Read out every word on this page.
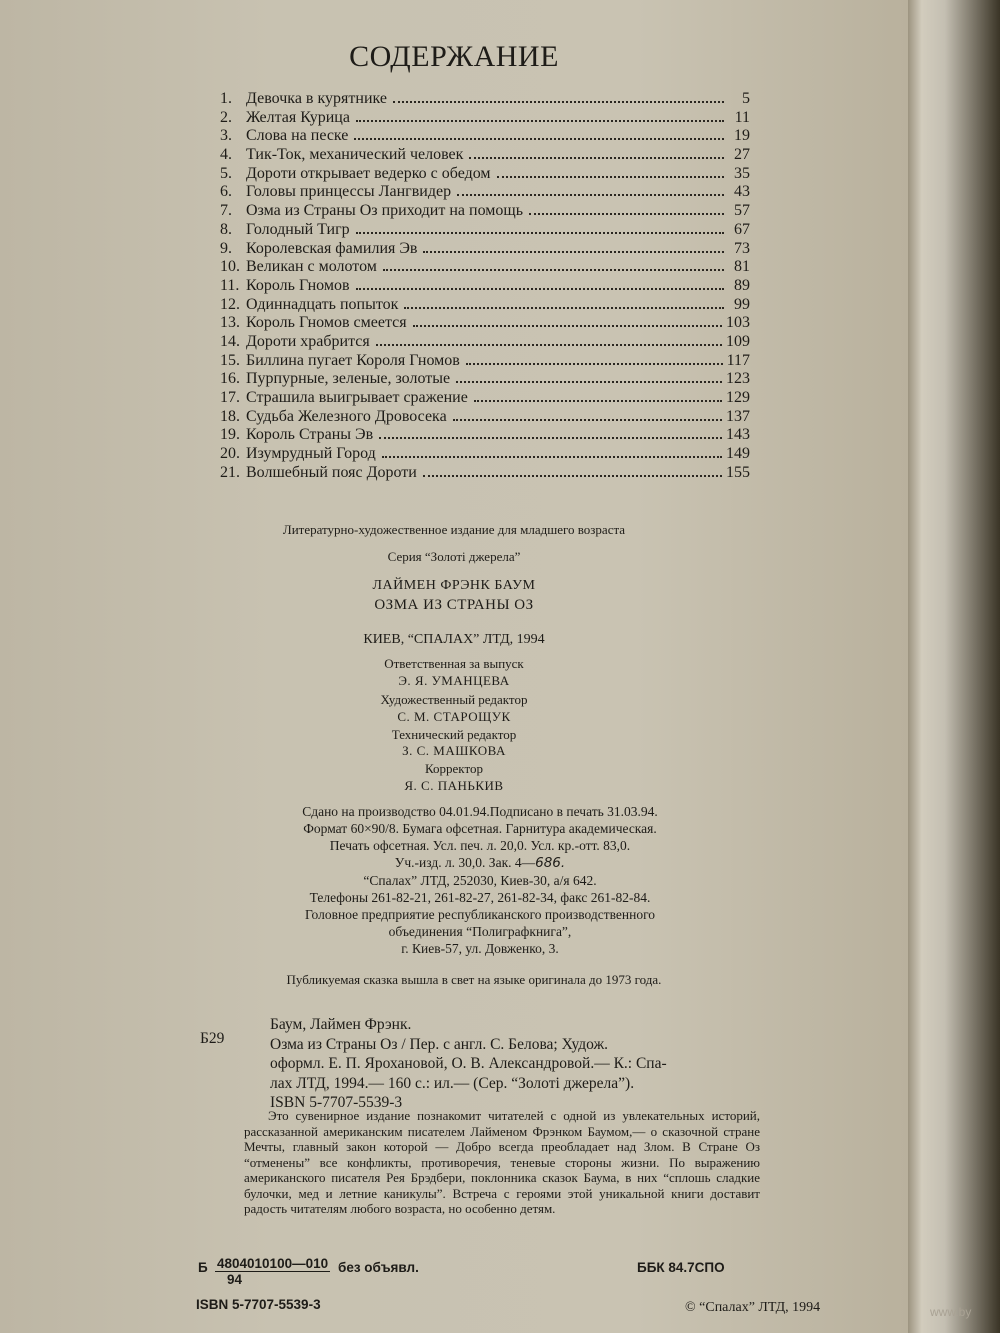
СОДЕРЖАНИЕ
1. Девочка в курятнике	5
2. Желтая Курица	11
3. Слова на песке	19
4. Тик-Ток, механический человек	27
5. Дороти открывает ведерко с обедом	35
6. Головы принцессы Лангвидер	43
7. Озма из Страны Оз приходит на помощь	57
8. Голодный Тигр	67
9. Королевская фамилия Эв	73
10. Великан с молотом	81
11. Король Гномов	89
12. Одиннадцать попыток	99
13. Король Гномов смеется	103
14. Дороти храбрится	109
15. Биллина пугает Короля Гномов	117
16. Пурпурные, зеленые, золотые	123
17. Страшила выигрывает сражение	129
18. Судьба Железного Дровосека	137
19. Король Страны Эв	143
20. Изумрудный Город	149
21. Волшебный пояс Дороти	155
Литературно-художественное издание для младшего возраста
Серия “Золоті джерела”
ЛАЙМЕН ФРЭНК БАУМ
ОЗМА ИЗ СТРАНЫ ОЗ
КИЕВ, “СПАЛАХ” ЛТД, 1994
Ответственная за выпуск
Э. Я. УМАНЦЕВА
Художественный редактор
С. М. СТАРОЩУК
Технический редактор
З. С. МАШКОВА
Корректор
Я. С. ПАНЬКИВ
Сдано на производство 04.01.94.Подписано в печать 31.03.94.
Формат 60×90/8. Бумага офсетная. Гарнитура академическая.
Печать офсетная. Усл. печ. л. 20,0. Усл. кр.-отт. 83,0.
Уч.-изд. л. 30,0. Зак. 4—686.
“Спалах” ЛТД, 252030, Киев-30, а/я 642.
Телефоны 261-82-21, 261-82-27, 261-82-34, факс 261-82-84.
Головное предприятие республиканского производственного
объединения “Полиграфкнига”,
г. Киев-57, ул. Довженко, 3.
Публикуемая сказка вышла в свет на языке оригинала до 1973 года.
Б29
Баум, Лаймен Фрэнк.
Озма из Страны Оз / Пер. с англ. С. Белова; Худож.
оформл. Е. П. Ярохановой, О. В. Александровой.— К.: Спа-
лах ЛТД, 1994.— 160 с.: ил.— (Сер. “Золоті джерела”).
ISBN 5-7707-5539-3
Это сувенирное издание познакомит читателей с одной из увлекательных историй, рассказанной американским писателем Лайменом Фрэнком Баумом,— о сказочной стране Мечты, главный закон которой — Добро всегда преобладает над Злом. В Стране Оз “отменены” все конфликты, противоречия, теневые стороны жизни. По выражению американского писателя Рея Брэдбери, поклонника сказок Баума, в них “сплошь сладкие булочки, мед и летние каникулы”. Встреча с героями этой уникальной книги доставит радость читателям любого возраста, но особенно детям.
Б $\frac{4804010100—010}{94}$ без объявл.	ББК 84.7СПО
ISBN 5-7707-5539-3	© “Спалах” ЛТД, 1994	www.by
